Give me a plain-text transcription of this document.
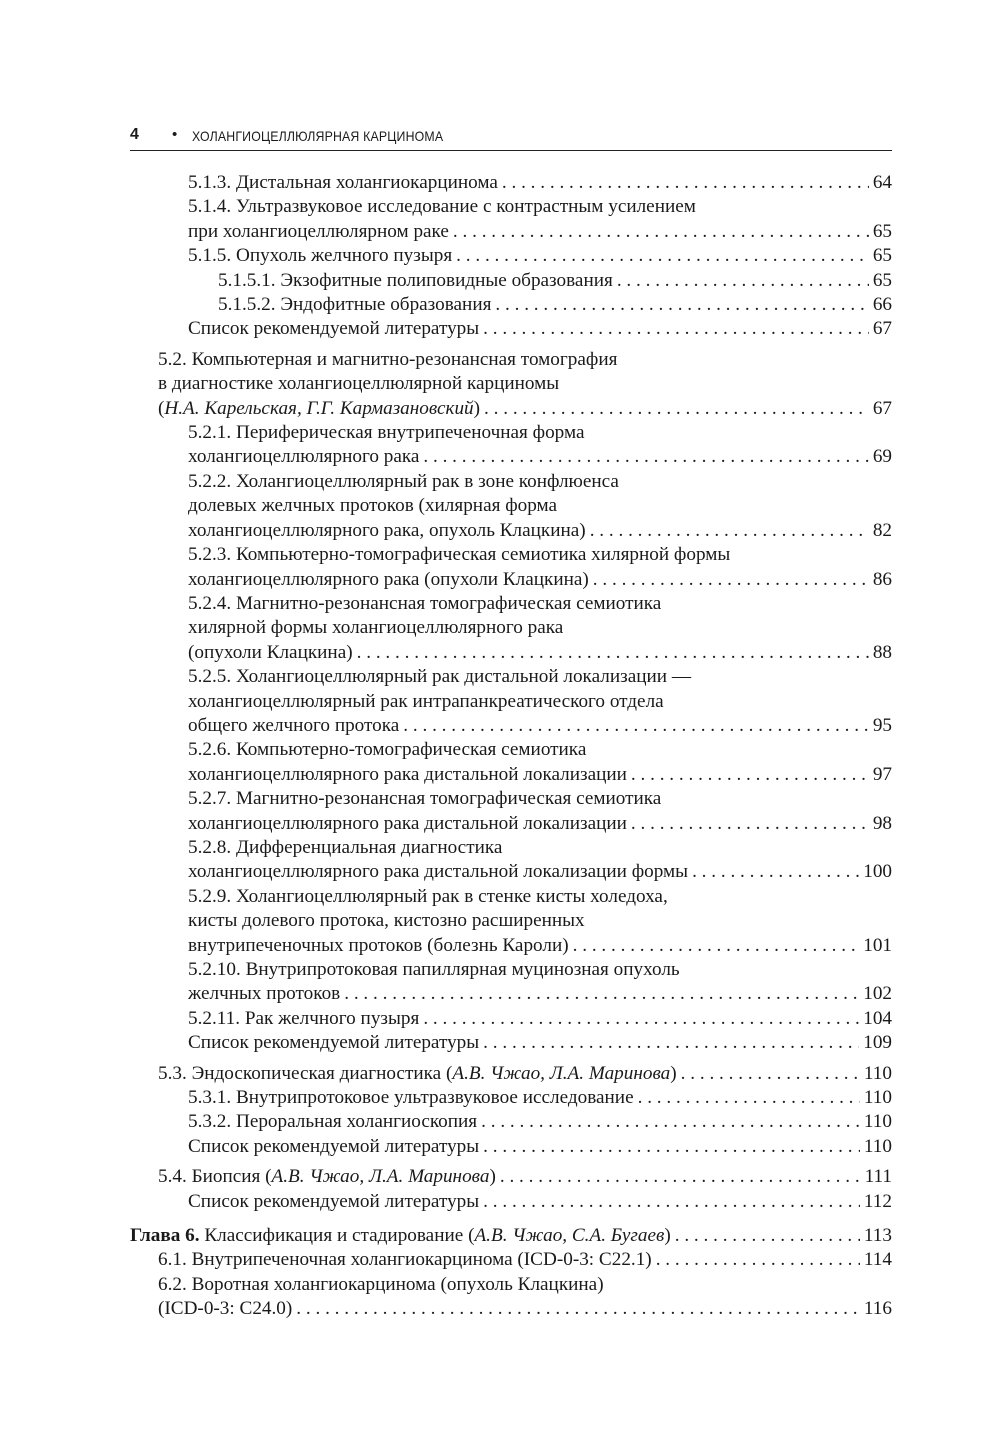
4 • ХОЛАНГИОЦЕЛЛЮЛЯРНАЯ КАРЦИНОМА
5.1.3. Дистальная холангиокарцинома . . .	64
5.1.4. Ультразвуковое исследование с контрастным усилением
при холангиоцеллюлярном раке . . .	65
5.1.5. Опухоль желчного пузыря . . .	65
5.1.5.1. Экзофитные полиповидные образования . . .	65
5.1.5.2. Эндофитные образования . . .	66
Список рекомендуемой литературы . . .	67
5.2. Компьютерная и магнитно-резонансная томография
в диагностике холангиоцеллюлярной карциномы
(Н.А. Карельская, Г.Г. Кармазановский) . . .	67
5.2.1. Периферическая внутрипеченочная форма
холангиоцеллюлярного рака . . .	69
5.2.2. Холангиоцеллюлярный рак в зоне конфлюенса
долевых желчных протоков (хилярная форма
холангиоцеллюлярного рака, опухоль Клацкина) . . .	82
5.2.3. Компьютерно-томографическая семиотика хилярной формы
холангиоцеллюлярного рака (опухоли Клацкина) . . .	86
5.2.4. Магнитно-резонансная томографическая семиотика
хилярной формы холангиоцеллюлярного рака
(опухоли Клацкина) . . .	88
5.2.5. Холангиоцеллюлярный рак дистальной локализации —
холангиоцеллюлярный рак интрапанкреатического отдела
общего желчного протока . . .	95
5.2.6. Компьютерно-томографическая семиотика
холангиоцеллюлярного рака дистальной локализации . . .	97
5.2.7. Магнитно-резонансная томографическая семиотика
холангиоцеллюлярного рака дистальной локализации . . .	98
5.2.8. Дифференциальная диагностика
холангиоцеллюлярного рака дистальной локализации формы . . .	100
5.2.9. Холангиоцеллюлярный рак в стенке кисты холедоха,
кисты долевого протока, кистозно расширенных
внутрипеченочных протоков (болезнь Кароли) . . .	101
5.2.10. Внутрипротоковая папиллярная муцинозная опухоль
желчных протоков . . .	102
5.2.11. Рак желчного пузыря . . .	104
Список рекомендуемой литературы . . .	109
5.3. Эндоскопическая диагностика (А.В. Чжао, Л.А. Маринова) . . .	110
5.3.1. Внутрипротоковое ультразвуковое исследование . . .	110
5.3.2. Пероральная холангиоскопия . . .	110
Список рекомендуемой литературы . . .	110
5.4. Биопсия (А.В. Чжао, Л.А. Маринова) . . .	111
Список рекомендуемой литературы . . .	112
Глава 6. Классификация и стадирование (А.В. Чжао, С.А. Бугаев) . . .	113
6.1. Внутрипеченочная холангиокарцинома (ICD-0-3: C22.1) . . .	114
6.2. Воротная холангиокарцинома (опухоль Клацкина)
(ICD-0-3: C24.0) . . .	116
